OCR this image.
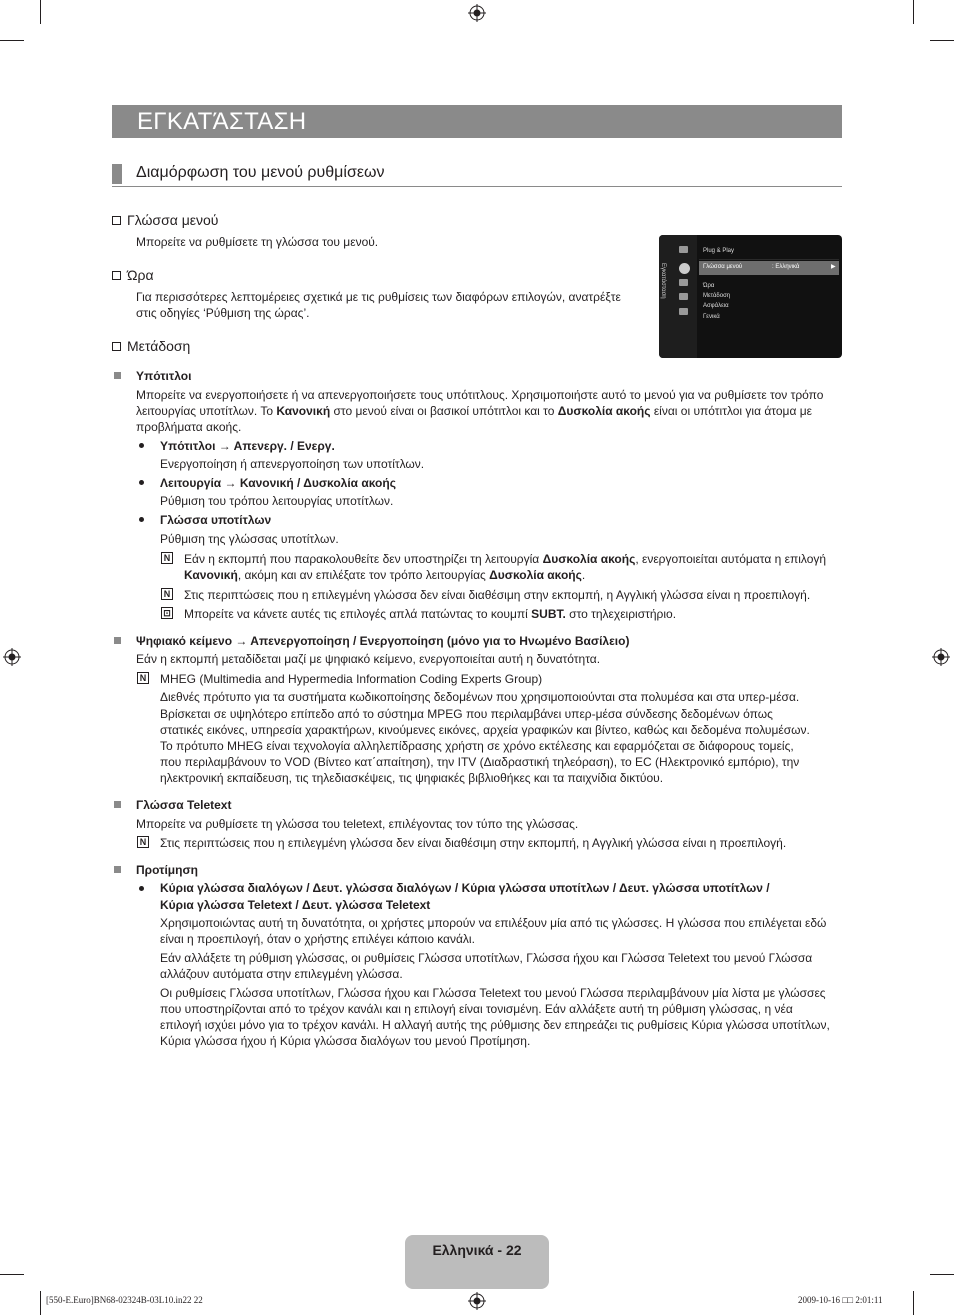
ΕΓΚΑΤΆΣΤΑΣΗ
Διαμόρφωση του μενού ρυθμίσεων
Γλώσσα μενού
Μπορείτε να ρυθμίσετε τη γλώσσα του μενού.
Ώρα
Για περισσότερες λεπτομέρειες σχετικά με τις ρυθμίσεις των διαφόρων επιλογών, ανατρέξτε
στις οδηγίες ‘Ρύθμιση της ώρας’.
Μετάδοση
Εγκατάσταση
Plug & Play
Γλώσσα μενού	: Ελληνικά	▶
Ώρα
Μετάδοση
Ασφάλεια
Γενικά
Υπότιτλοι
Μπορείτε να ενεργοποιήσετε ή να απενεργοποιήσετε τους υπότιτλους. Χρησιμοποιήστε αυτό το μενού για να ρυθμίσετε τον τρόπο
λειτουργίας υποτίτλων. Το Κανονική στο μενού είναι οι βασικοί υπότιτλοι και το Δυσκολία ακοής είναι οι υπότιτλοι για άτομα με
προβλήματα ακοής.
Υπότιτλοι → Απενεργ. / Ενεργ.
Ενεργοποίηση ή απενεργοποίηση των υποτίτλων.
Λειτουργία → Κανονική / Δυσκολία ακοής
Ρύθμιση του τρόπου λειτουργίας υποτίτλων.
Γλώσσα υποτίτλων
Ρύθμιση της γλώσσας υποτίτλων.
N Εάν η εκπομπή που παρακολουθείτε δεν υποστηρίζει τη λειτουργία Δυσκολία ακοής, ενεργοποιείται αυτόματα η επιλογή
Κανονική, ακόμη και αν επιλέξατε τον τρόπο λειτουργίας Δυσκολία ακοής.
N Στις περιπτώσεις που η επιλεγμένη γλώσσα δεν είναι διαθέσιμη στην εκπομπή, η Αγγλική γλώσσα είναι η προεπιλογή.
⊡ Μπορείτε να κάνετε αυτές τις επιλογές απλά πατώντας το κουμπί SUBT. στο τηλεχειριστήριο.
Ψηφιακό κείμενο → Απενεργοποίηση / Ενεργοποίηση (μόνο για το Ηνωμένο Βασίλειο)
Εάν η εκπομπή μεταδίδεται μαζί με ψηφιακό κείμενο, ενεργοποιείται αυτή η δυνατότητα.
N MHEG (Multimedia and Hypermedia Information Coding Experts Group)
Διεθνές πρότυπο για τα συστήματα κωδικοποίησης δεδομένων που χρησιμοποιούνται στα πολυμέσα και στα υπερ-μέσα.
Βρίσκεται σε υψηλότερο επίπεδο από το σύστημα MPEG που περιλαμβάνει υπερ-μέσα σύνδεσης δεδομένων όπως
στατικές εικόνες, υπηρεσία χαρακτήρων, κινούμενες εικόνες, αρχεία γραφικών και βίντεο, καθώς και δεδομένα πολυμέσων.
Το πρότυπο MHEG είναι τεχνολογία αλληλεπίδρασης χρήστη σε χρόνο εκτέλεσης και εφαρμόζεται σε διάφορους τομείς,
που περιλαμβάνουν το VOD (Βίντεο κατ΄απαίτηση), την ITV (Διαδραστική τηλεόραση), το EC (Ηλεκτρονικό εμπόριο), την
ηλεκτρονική εκπαίδευση, τις τηλεδιασκέψεις, τις ψηφιακές βιβλιοθήκες και τα παιχνίδια δικτύου.
Γλώσσα Teletext
Μπορείτε να ρυθμίσετε τη γλώσσα του teletext, επιλέγοντας τον τύπο της γλώσσας.
N Στις περιπτώσεις που η επιλεγμένη γλώσσα δεν είναι διαθέσιμη στην εκπομπή, η Αγγλική γλώσσα είναι η προεπιλογή.
Προτίμηση
Κύρια γλώσσα διαλόγων / Δευτ. γλώσσα διαλόγων / Κύρια γλώσσα υποτίτλων / Δευτ. γλώσσα υποτίτλων /
Κύρια γλώσσα Teletext / Δευτ. γλώσσα Teletext
Χρησιμοποιώντας αυτή τη δυνατότητα, οι χρήστες μπορούν να επιλέξουν μία από τις γλώσσες. Η γλώσσα που επιλέγεται εδώ
είναι η προεπιλογή, όταν ο χρήστης επιλέγει κάποιο κανάλι.
Εάν αλλάξετε τη ρύθμιση γλώσσας, οι ρυθμίσεις Γλώσσα υποτίτλων, Γλώσσα ήχου και Γλώσσα Teletext του μενού Γλώσσα
αλλάζουν αυτόματα στην επιλεγμένη γλώσσα.
Οι ρυθμίσεις Γλώσσα υποτίτλων, Γλώσσα ήχου και Γλώσσα Teletext του μενού Γλώσσα περιλαμβάνουν μία λίστα με γλώσσες
που υποστηρίζονται από το τρέχον κανάλι και η επιλογή είναι τονισμένη. Εάν αλλάξετε αυτή τη ρύθμιση γλώσσας, η νέα
επιλογή ισχύει μόνο για το τρέχον κανάλι. Η αλλαγή αυτής της ρύθμισης δεν επηρεάζει τις ρυθμίσεις Κύρια γλώσσα υποτίτλων,
Κύρια γλώσσα ήχου ή Κύρια γλώσσα διαλόγων του μενού Προτίμηση.
Ελληνικά - 22
[550-E.Euro]BN68-02324B-03L10.in22 22	2009-10-16 □□ 2:01:11
